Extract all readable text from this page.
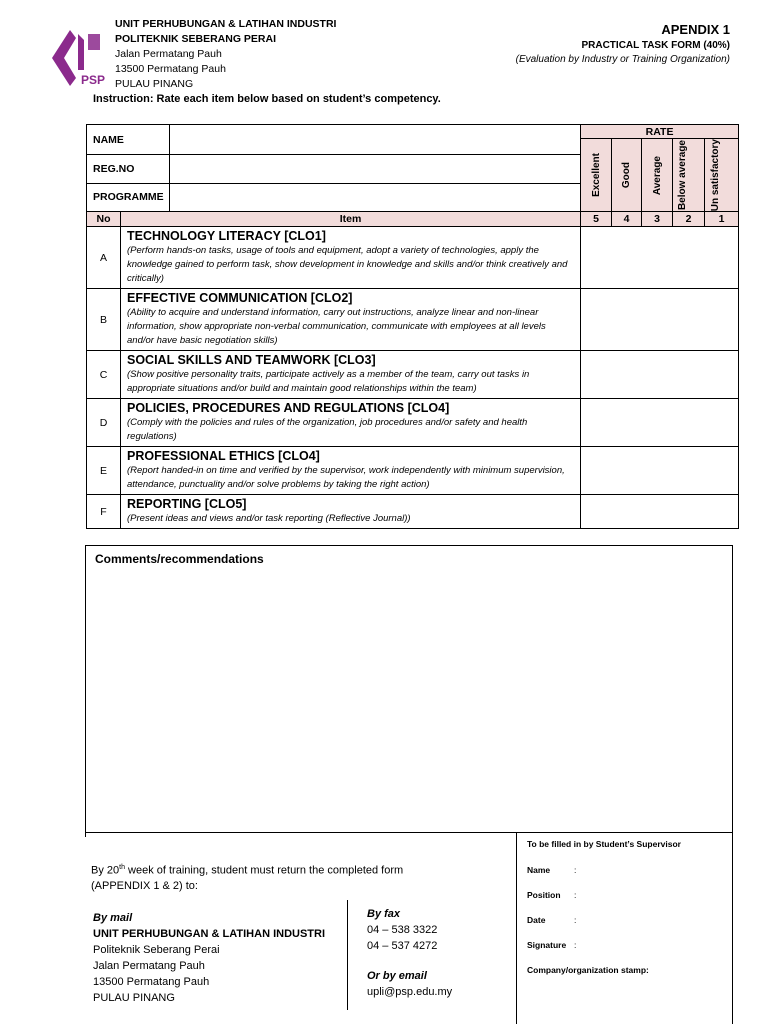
PSP
UNIT PERHUBUNGAN & LATIHAN INDUSTRI
POLITEKNIK SEBERANG PERAI
Jalan Permatang Pauh
13500 Permatang Pauh
PULAU PINANG
APENDIX 1
PRACTICAL TASK FORM (40%)
(Evaluation by Industry or Training Organization)
Instruction: Rate each item below based on student’s competency.
NAME			RATE				

			Excellent	Good	Average	Below average	Un satisfactory

REG.NO							

PROGRAMME							

No	Item		5	4	3	2	1
A	TECHNOLOGY LITERACY [CLO1]
(Perform hands-on tasks, usage of tools and equipment, adopt a variety of technologies, apply the knowledge gained to perform task, show development in knowledge and skills and/or think creatively and critically)						

B	EFFECTIVE COMMUNICATION [CLO2]
(Ability to acquire and understand information, carry out instructions, analyze linear and non-linear information, show appropriate non-verbal communication, communicate with employees at all levels and/or have basic negotiation skills)						

C	SOCIAL SKILLS AND TEAMWORK [CLO3]
(Show positive personality traits, participate actively as a member of the team, carry out tasks in appropriate situations and/or build and maintain good relationships within the team)						

D	POLICIES, PROCEDURES AND REGULATIONS [CLO4]
(Comply with the policies and rules of the organization, job procedures and/or safety and health regulations)						

E	PROFESSIONAL ETHICS [CLO4]
(Report handed-in on time and verified by the supervisor, work independently with minimum supervision, attendance, punctuality and/or solve problems by taking the right action)						

F	REPORTING [CLO5]
(Present ideas and views and/or task reporting (Reflective Journal))						

Comments/recommendations
By 20th week of training, student must return the completed form
(APPENDIX 1 & 2) to:
By mail
UNIT PERHUBUNGAN & LATIHAN INDUSTRI
Politeknik Seberang Perai
Jalan Permatang Pauh
13500 Permatang Pauh
PULAU PINANG
By fax
04 – 538 3322
04 – 537 4272
Or by email
upli@psp.edu.my
To be filled in by Student’s Supervisor
Name	:
Position :
Date	:
Signature :
Company/organization stamp:
